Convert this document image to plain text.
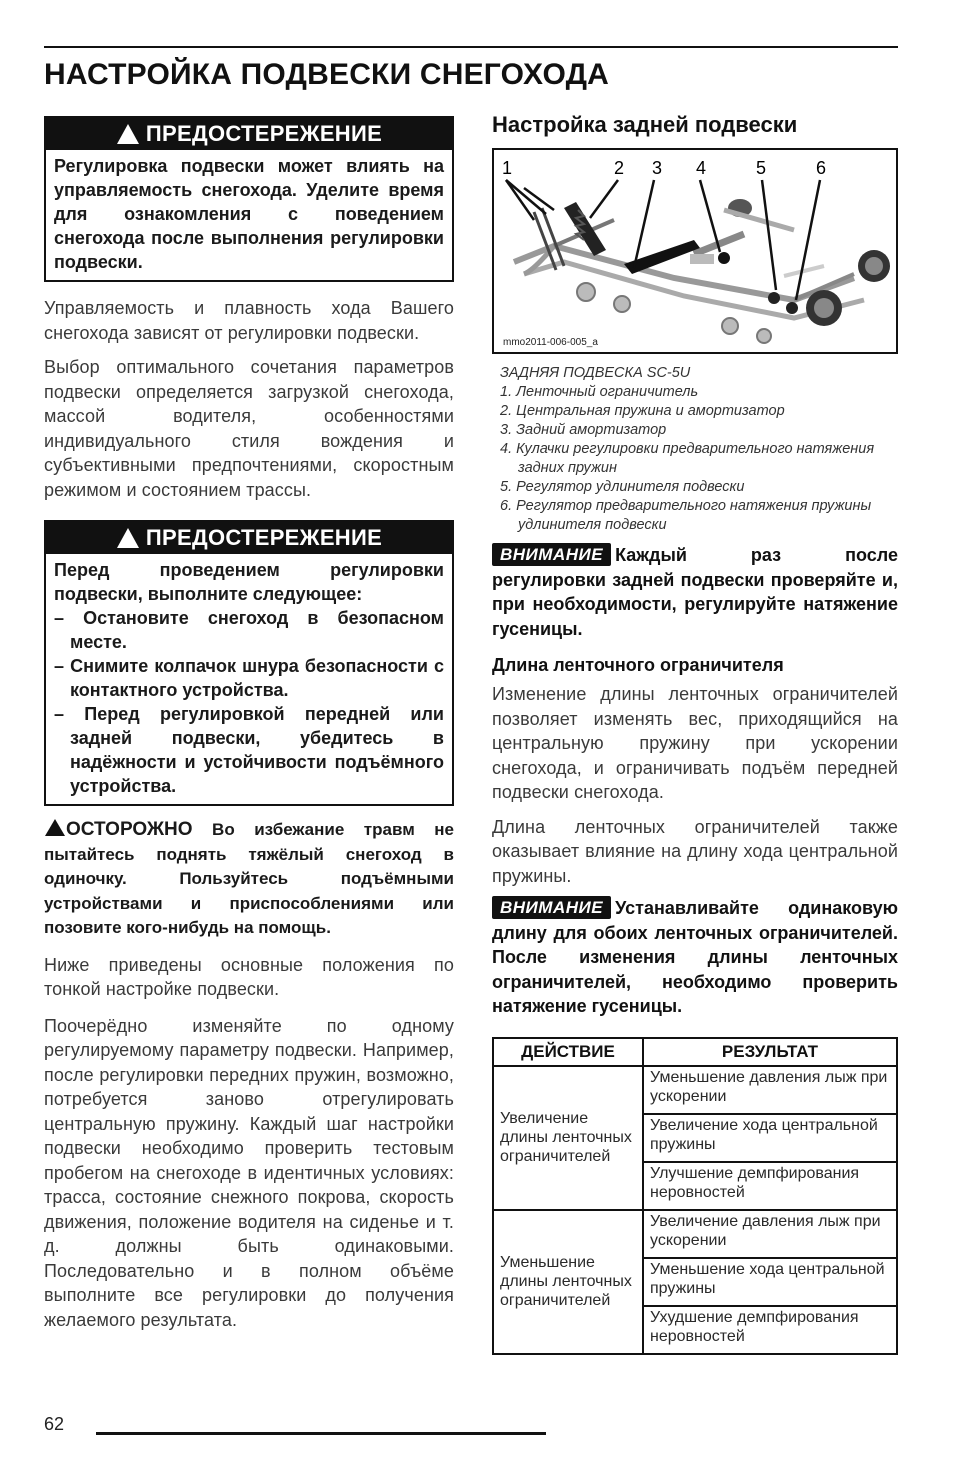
НАСТРОЙКА ПОДВЕСКИ СНЕГОХОДА
ПРЕДОСТЕРЕЖЕНИЕ

Регулировка подвески может влиять на управляемость снегохода. Уделите время для ознакомления с поведением снегохода после выполнения регулировки подвески.

Управляемость и плавность хода Вашего снегохода зависят от регулировки подвески.

Выбор оптимального сочетания параметров подвески определяется загрузкой снегохода, массой водителя, особенностями индивидуального стиля вождения и субъективными предпочтениями, скоростным режимом и состоянием трассы.

ПРЕДОСТЕРЕЖЕНИЕ

Перед проведением регулировки подвески, выполните следующее:

– Остановите снегоход в безопасном месте.
– Снимите колпачок шнура безопасности с контактного устройства.
– Перед регулировкой передней или задней подвески, убедитесь в надёжности и устойчивости подъёмного устройства.

ОСТОРОЖНО Во избежание травм не пытайтесь поднять тяжёлый снегоход в одиночку. Пользуйтесь подъёмными устройствами и приспособлениями или позовите кого-нибудь на помощь.

Ниже приведены основные положения по тонкой настройке подвески.

Поочерёдно изменяйте по одному регулируемому параметру подвески. Например, после регулировки передних пружин, возможно, потребуется заново отрегулировать центральную пружину. Каждый шаг настройки подвески необходимо проверить тестовым пробегом на снегоходе в идентичных условиях: трасса, состояние снежного покрова, скорость движения, положение водителя на сиденье и т. д. должны быть одинаковыми. Последовательно и в полном объёме выполните все регулировки до получения желаемого результата.

Настройка задней подвески
1	2 3 4	5	6
mmo2011-006-005_a
ЗАДНЯЯ ПОДВЕСКА SC-5U
1. Ленточный ограничитель
2. Центральная пружина и амортизатор
3. Задний амортизатор
4. Кулачки регулировки предварительного натяжения задних пружин
5. Регулятор удлинителя подвески
6. Регулятор предварительного натяжения пружины удлинителя подвески

ВНИМАНИЕ Каждый раз после регулировки задней подвески проверяйте и, при необходимости, регулируйте натяжение гусеницы.

Длина ленточного ограничителя

Изменение длины ленточных ограничителей позволяет изменять вес, приходящийся на центральную пружину при ускорении снегохода, и ограничивать подъём передней подвески снегохода.

Длина ленточных ограничителей также оказывает влияние на длину хода центральной пружины.

ВНИМАНИЕ Устанавливайте одинаковую длину для обоих ленточных ограничителей. После изменения длины ленточных ограничителей, необходимо проверить натяжение гусеницы.

ДЕЙСТВИЕ	РЕЗУЛЬТАТ
Увеличение длины ленточных ограничителей	Уменьшение давления лыж при ускорении
	Увеличение хода центральной пружины
	Улучшение демпфирования неровностей
Уменьшение длины ленточных ограничителей	Увеличение давления лыж при ускорении
	Уменьшение хода центральной пружины
	Ухудшение демпфирования неровностей
62
